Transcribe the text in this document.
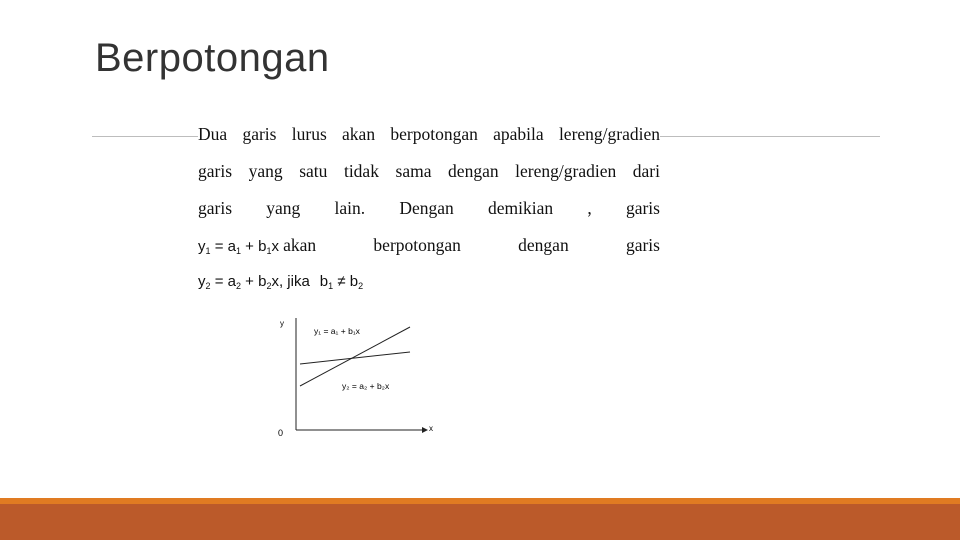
Berpotongan
Dua garis lurus akan berpotongan apabila lereng/gradien
garis yang satu tidak sama dengan lereng/gradien dari
garis yang lain. Dengan demikian , garis
$y_1 = a_1 + b_1x$ akan	berpotongan	dengan	garis
$y_2 = a_2 + b_2x$ , jika $b_1 \ne b_2$
y
x
0
y₁ = a₁ + b₁x
y₂ = a₂ + b₂x
